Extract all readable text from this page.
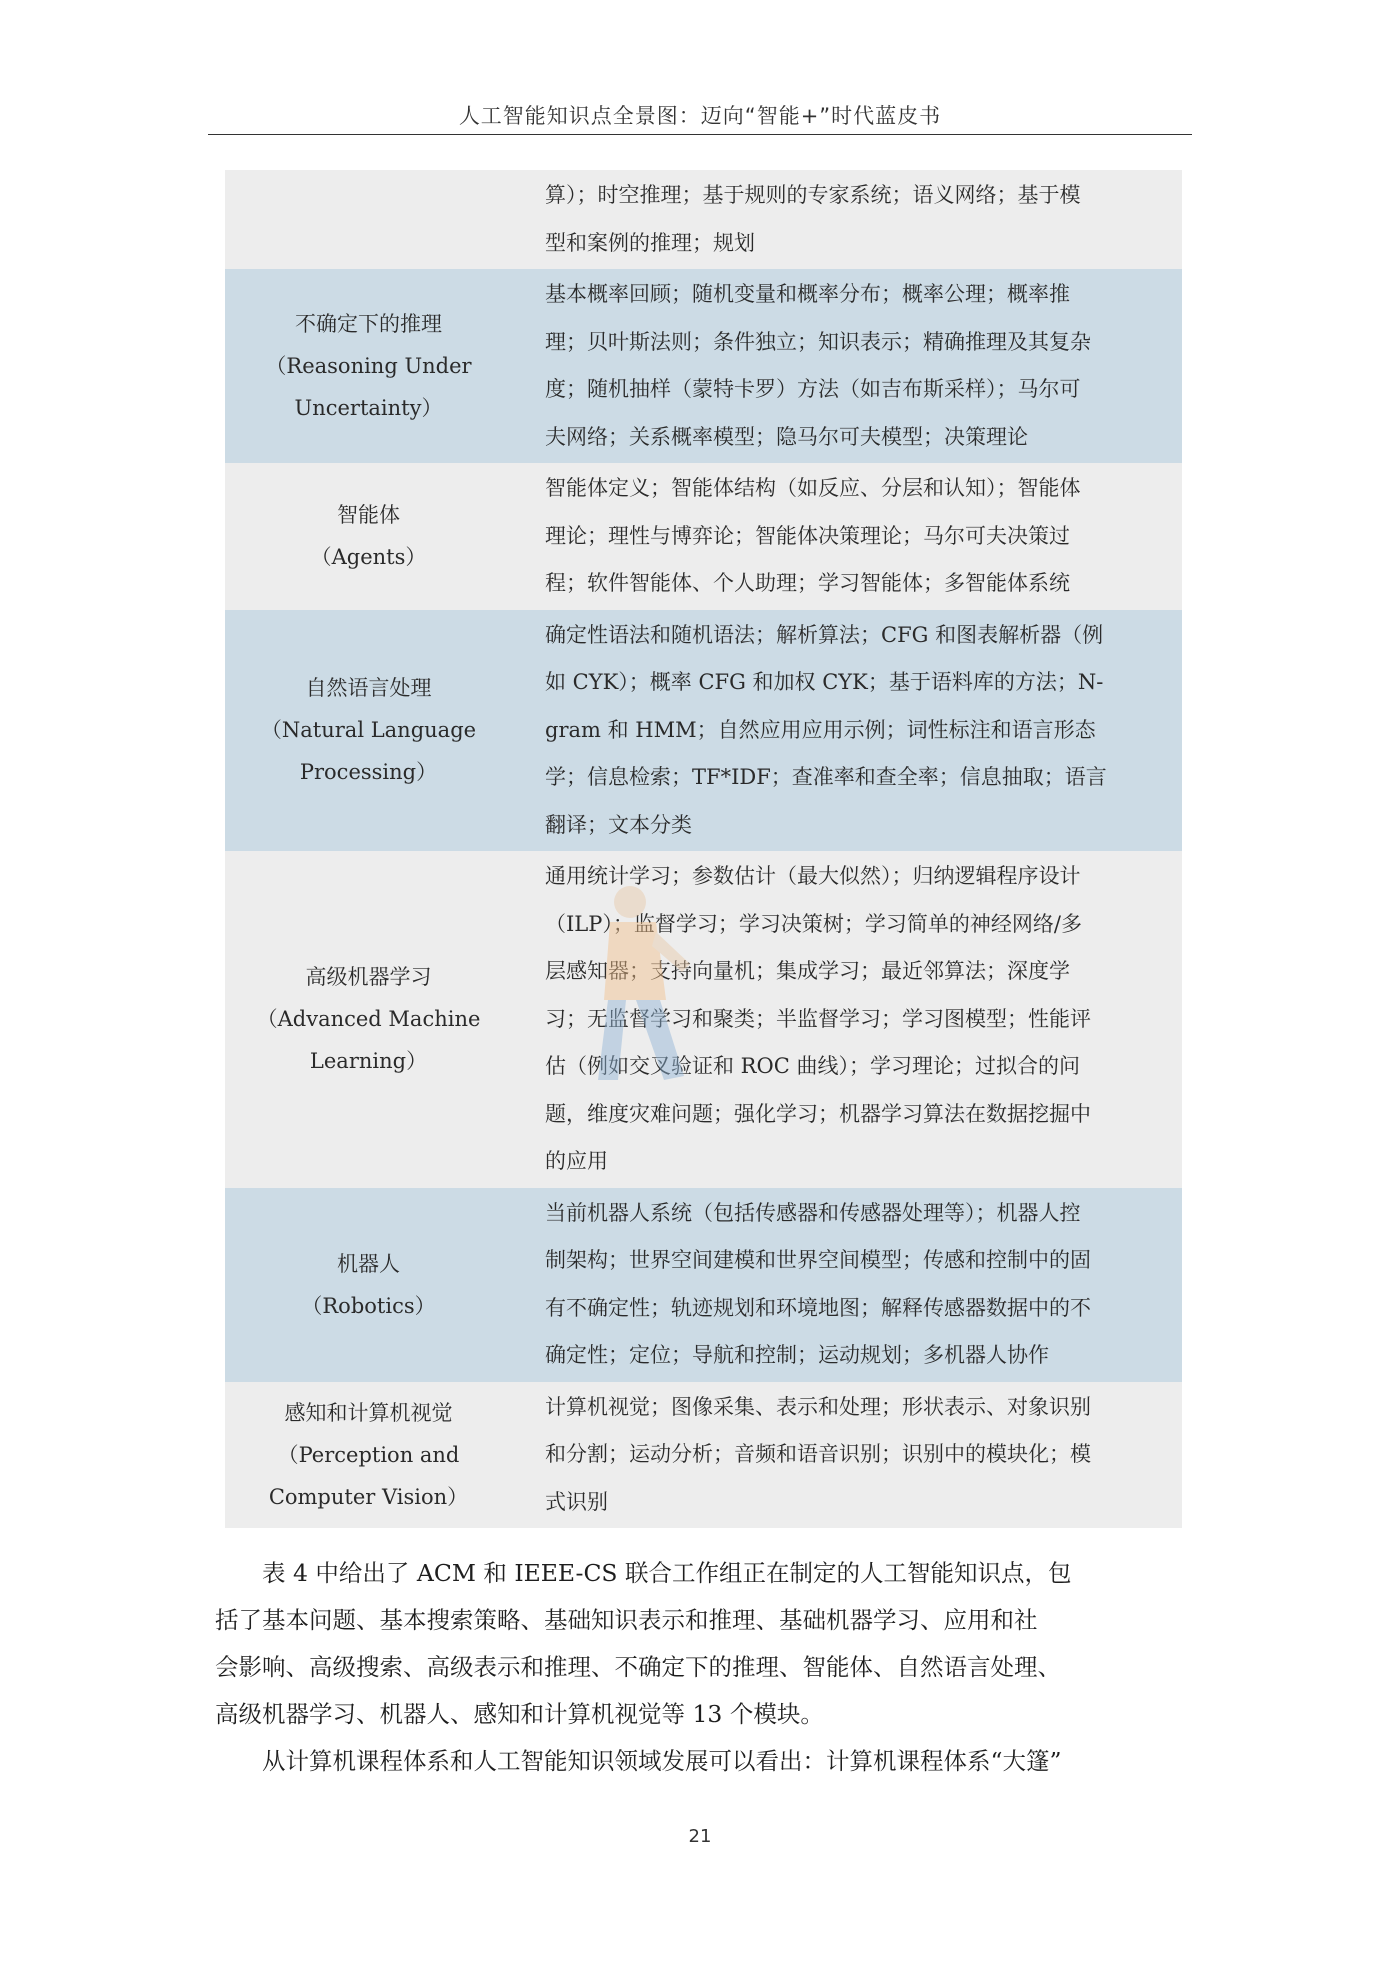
人工智能知识点全景图：迈向“智能+”时代蓝皮书
算）；时空推理；基于规则的专家系统；语义网络；基于模
型和案例的推理；规划
不确定下的推理
（Reasoning Under
Uncertainty）
基本概率回顾；随机变量和概率分布；概率公理；概率推
理；贝叶斯法则；条件独立；知识表示；精确推理及其复杂
度；随机抽样（蒙特卡罗）方法（如吉布斯采样）；马尔可
夫网络；关系概率模型；隐马尔可夫模型；决策理论
智能体
（Agents）
智能体定义；智能体结构（如反应、分层和认知）；智能体
理论；理性与博弈论；智能体决策理论；马尔可夫决策过
程；软件智能体、个人助理；学习智能体；多智能体系统
自然语言处理
（Natural Language
Processing）
确定性语法和随机语法；解析算法；CFG 和图表解析器（例
如 CYK）；概率 CFG 和加权 CYK；基于语料库的方法；N-
gram 和 HMM；自然应用应用示例；词性标注和语言形态
学；信息检索；TF*IDF；查准率和查全率；信息抽取；语言
翻译；文本分类
高级机器学习
（Advanced Machine
Learning）
通用统计学习；参数估计（最大似然）；归纳逻辑程序设计
（ILP）；监督学习；学习决策树；学习简单的神经网络/多
层感知器；支持向量机；集成学习；最近邻算法；深度学
习；无监督学习和聚类；半监督学习；学习图模型；性能评
估（例如交叉验证和 ROC 曲线）；学习理论；过拟合的问
题，维度灾难问题；强化学习；机器学习算法在数据挖掘中
的应用
机器人
（Robotics）
当前机器人系统（包括传感器和传感器处理等）；机器人控
制架构；世界空间建模和世界空间模型；传感和控制中的固
有不确定性；轨迹规划和环境地图；解释传感器数据中的不
确定性；定位；导航和控制；运动规划；多机器人协作
感知和计算机视觉
（Perception and
Computer Vision）
计算机视觉；图像采集、表示和处理；形状表示、对象识别
和分割；运动分析；音频和语音识别；识别中的模块化；模
式识别
　　表 4 中给出了 ACM 和 IEEE-CS 联合工作组正在制定的人工智能知识点，包
括了基本问题、基本搜索策略、基础知识表示和推理、基础机器学习、应用和社
会影响、高级搜索、高级表示和推理、不确定下的推理、智能体、自然语言处理、
高级机器学习、机器人、感知和计算机视觉等 13 个模块。
　　从计算机课程体系和人工智能知识领域发展可以看出：计算机课程体系“大篷”
21
